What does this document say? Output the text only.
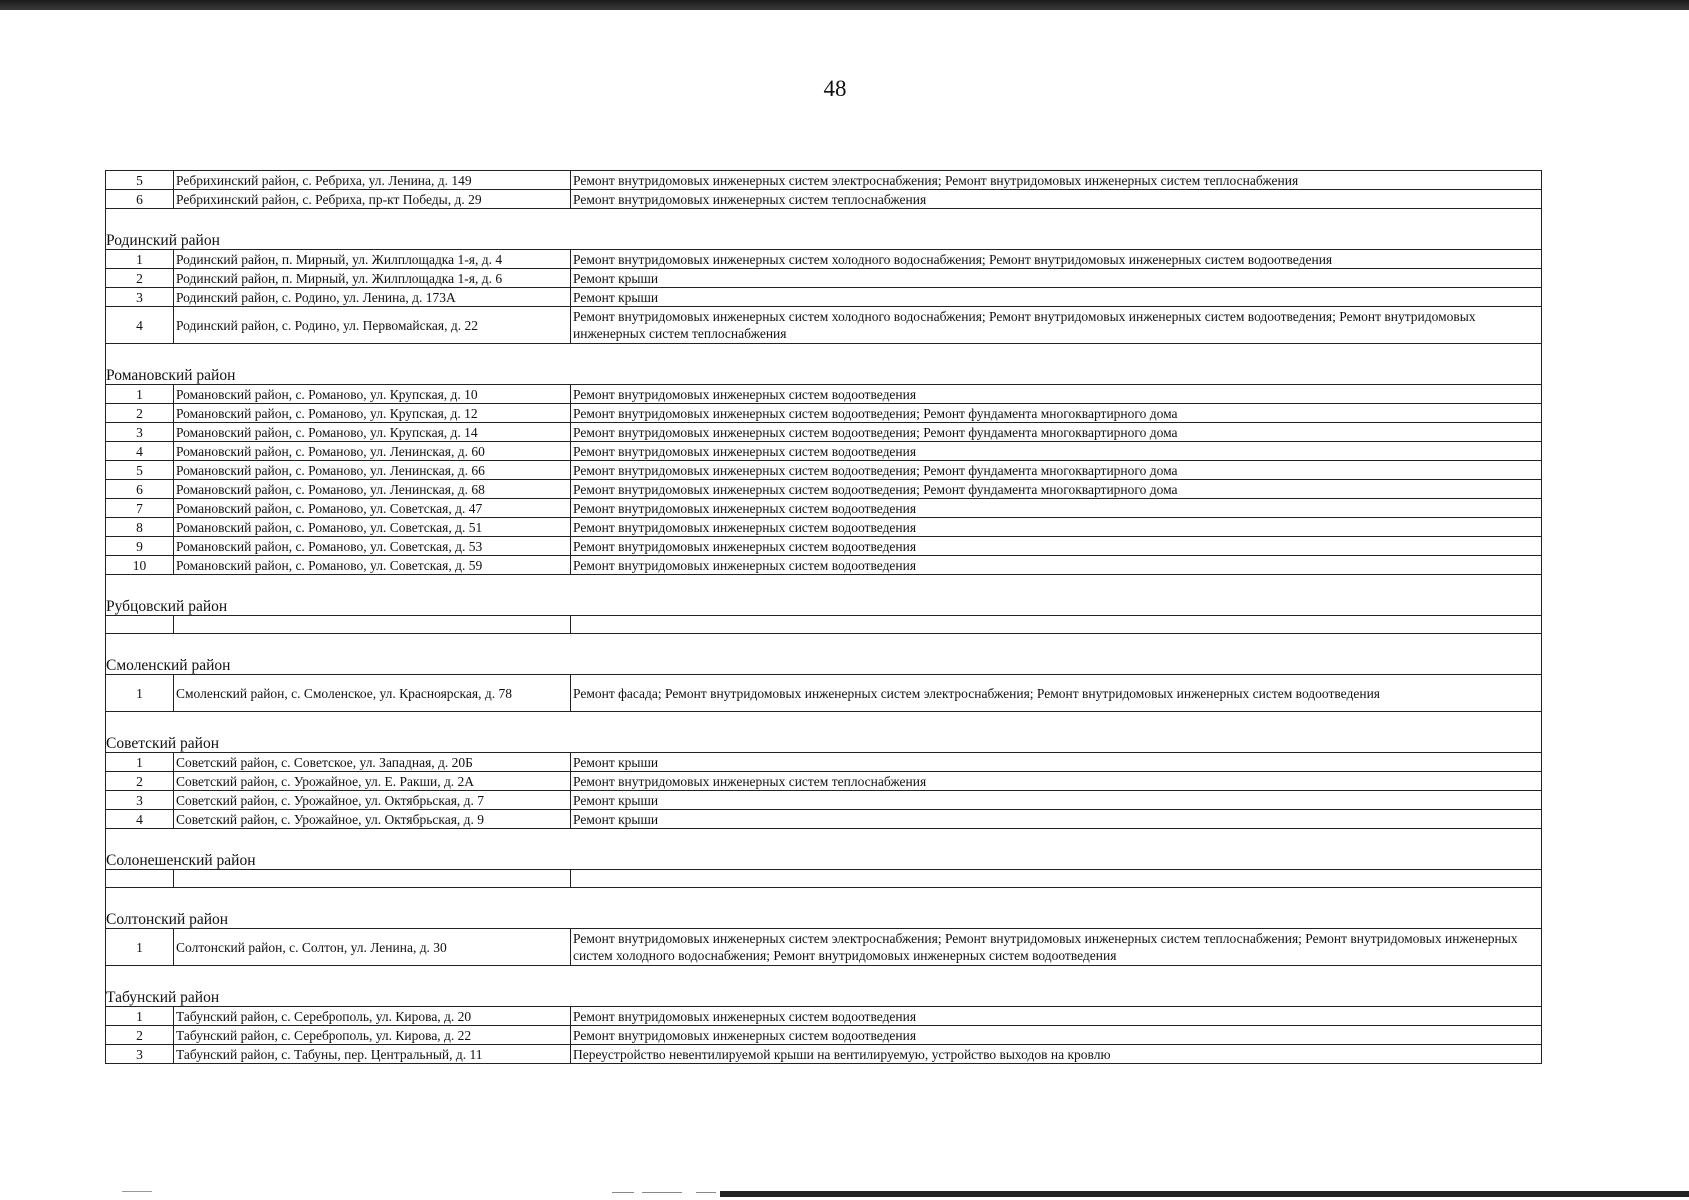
48
5	Ребрихинский район, с. Ребриха, ул. Ленина, д. 149	Ремонт внутридомовых инженерных систем электроснабжения; Ремонт внутридомовых инженерных систем теплоснабжения
6	Ребрихинский район, с. Ребриха, пр-кт Победы, д. 29	Ремонт внутридомовых инженерных систем теплоснабжения

Родинский район		
1	Родинский район, п. Мирный, ул. Жилплощадка 1-я, д. 4	Ремонт внутридомовых инженерных систем холодного водоснабжения; Ремонт внутридомовых инженерных систем водоотведения
2	Родинский район, п. Мирный, ул. Жилплощадка 1-я, д. 6	Ремонт крыши
3	Родинский район, с. Родино, ул. Ленина, д. 173А	Ремонт крыши
4	Родинский район, с. Родино, ул. Первомайская, д. 22	Ремонт внутридомовых инженерных систем холодного водоснабжения; Ремонт внутридомовых инженерных систем водоотведения; Ремонт внутридомовых инженерных систем теплоснабжения

Романовский район		
1	Романовский район, с. Романово, ул. Крупская, д. 10	Ремонт внутридомовых инженерных систем водоотведения
2	Романовский район, с. Романово, ул. Крупская, д. 12	Ремонт внутридомовых инженерных систем водоотведения; Ремонт фундамента многоквартирного дома
3	Романовский район, с. Романово, ул. Крупская, д. 14	Ремонт внутридомовых инженерных систем водоотведения; Ремонт фундамента многоквартирного дома
4	Романовский район, с. Романово, ул. Ленинская, д. 60	Ремонт внутридомовых инженерных систем водоотведения
5	Романовский район, с. Романово, ул. Ленинская, д. 66	Ремонт внутридомовых инженерных систем водоотведения; Ремонт фундамента многоквартирного дома
6	Романовский район, с. Романово, ул. Ленинская, д. 68	Ремонт внутридомовых инженерных систем водоотведения; Ремонт фундамента многоквартирного дома
7	Романовский район, с. Романово, ул. Советская, д. 47	Ремонт внутридомовых инженерных систем водоотведения
8	Романовский район, с. Романово, ул. Советская, д. 51	Ремонт внутридомовых инженерных систем водоотведения
9	Романовский район, с. Романово, ул. Советская, д. 53	Ремонт внутридомовых инженерных систем водоотведения
10	Романовский район, с. Романово, ул. Советская, д. 59	Ремонт внутридомовых инженерных систем водоотведения

Рубцовский район		

Смоленский район		
1	Смоленский район, с. Смоленское, ул. Красноярская, д. 78	Ремонт фасада; Ремонт внутридомовых инженерных систем электроснабжения; Ремонт внутридомовых инженерных систем водоотведения

Советский район		
1	Советский район, с. Советское, ул. Западная, д. 20Б	Ремонт крыши
2	Советский район, с. Урожайное, ул. Е. Ракши, д. 2А	Ремонт внутридомовых инженерных систем теплоснабжения
3	Советский район, с. Урожайное, ул. Октябрьская, д. 7	Ремонт крыши
4	Советский район, с. Урожайное, ул. Октябрьская, д. 9	Ремонт крыши

Солонешенский район		

Солтонский район		
1	Солтонский район, с. Солтон, ул. Ленина, д. 30	Ремонт внутридомовых инженерных систем электроснабжения; Ремонт внутридомовых инженерных систем теплоснабжения; Ремонт внутридомовых инженерных систем холодного водоснабжения; Ремонт внутридомовых инженерных систем водоотведения

Табунский район		
1	Табунский район, с. Сереброполь, ул. Кирова, д. 20	Ремонт внутридомовых инженерных систем водоотведения
2	Табунский район, с. Сереброполь, ул. Кирова, д. 22	Ремонт внутридомовых инженерных систем водоотведения
3	Табунский район, с. Табуны, пер. Центральный, д. 11	Переустройство невентилируемой крыши на вентилируемую, устройство выходов на кровлю
